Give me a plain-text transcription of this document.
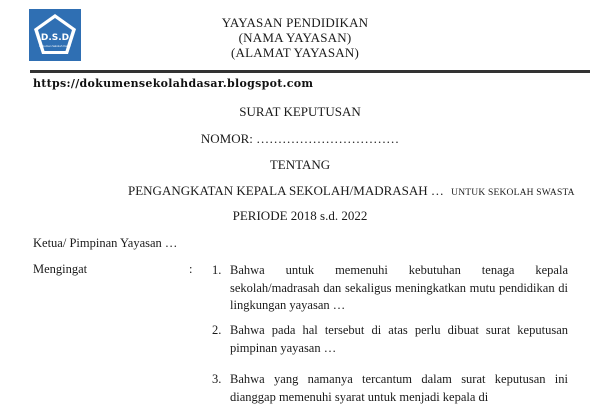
D.S.D
Dokumen Sekolah Dasar
YAYASAN PENDIDIKAN
(NAMA YAYASAN)
(ALAMAT YAYASAN)
https://dokumensekolahdasar.blogspot.com
SURAT KEPUTUSAN
NOMOR: ……………………………
TENTANG
PENGANGKATAN KEPALA SEKOLAH/MADRASAH … UNTUK SEKOLAH SWASTA
PERIODE 2018 s.d. 2022
Ketua/ Pimpinan Yayasan …
Mengingat	: 1. Bahwa untuk memenuhi kebutuhan tenaga kepala sekolah/madrasah dan sekaligus meningkatkan mutu pendidikan di lingkungan yayasan …
2. Bahwa pada hal tersebut di atas perlu dibuat surat keputusan pimpinan yayasan …
3. Bahwa yang namanya tercantum dalam surat keputusan ini dianggap memenuhi syarat untuk menjadi kepala di
